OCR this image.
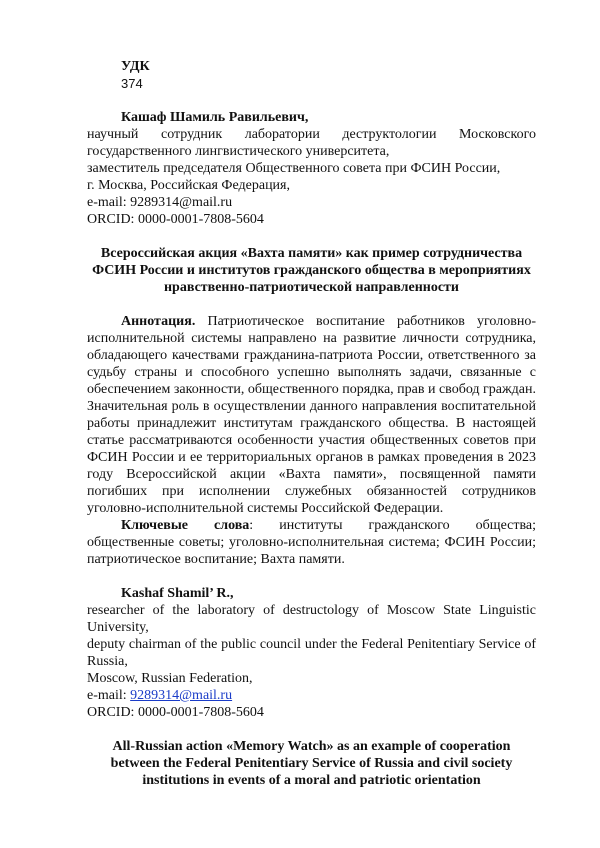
УДК

374

Кашаф Шамиль Равильевич,

научный сотрудник лаборатории деструктологии Московского

государственного лингвистического университета,

заместитель председателя Общественного совета при ФСИН России,

г. Москва, Российская Федерация,

e-mail: 9289314@mail.ru

ORCID: 0000-0001-7808-5604

Всероссийская акция «Вахта памяти» как пример сотрудничества ФСИН России и институтов гражданского общества в мероприятиях нравственно-патриотической направленности

Аннотация. Патриотическое воспитание работников уголовно-исполнительной системы направлено на развитие личности сотрудника, обладающего качествами гражданина-патриота России, ответственного за судьбу страны и способного успешно выполнять задачи, связанные с обеспечением законности, общественного порядка, прав и свобод граждан. Значительная роль в осуществлении данного направления воспитательной работы принадлежит институтам гражданского общества. В настоящей статье рассматриваются особенности участия общественных советов при ФСИН России и ее территориальных органов в рамках проведения в 2023 году Всероссийской акции «Вахта памяти», посвященной памяти погибших при исполнении служебных обязанностей сотрудников уголовно-исполнительной системы Российской Федерации.

Ключевые слова: институты гражданского общества; общественные советы; уголовно-исполнительная система; ФСИН России; патриотическое воспитание; Вахта памяти.

Kashaf Shamil’ R.,

researcher of the laboratory of destructology of Moscow State Linguistic University,

deputy chairman of the public council under the Federal Penitentiary Service of Russia,

Moscow, Russian Federation,

e-mail: 9289314@mail.ru

ORCID: 0000-0001-7808-5604

All-Russian action «Memory Watch» as an example of cooperation between the Federal Penitentiary Service of Russia and civil society institutions in events of a moral and patriotic orientation
